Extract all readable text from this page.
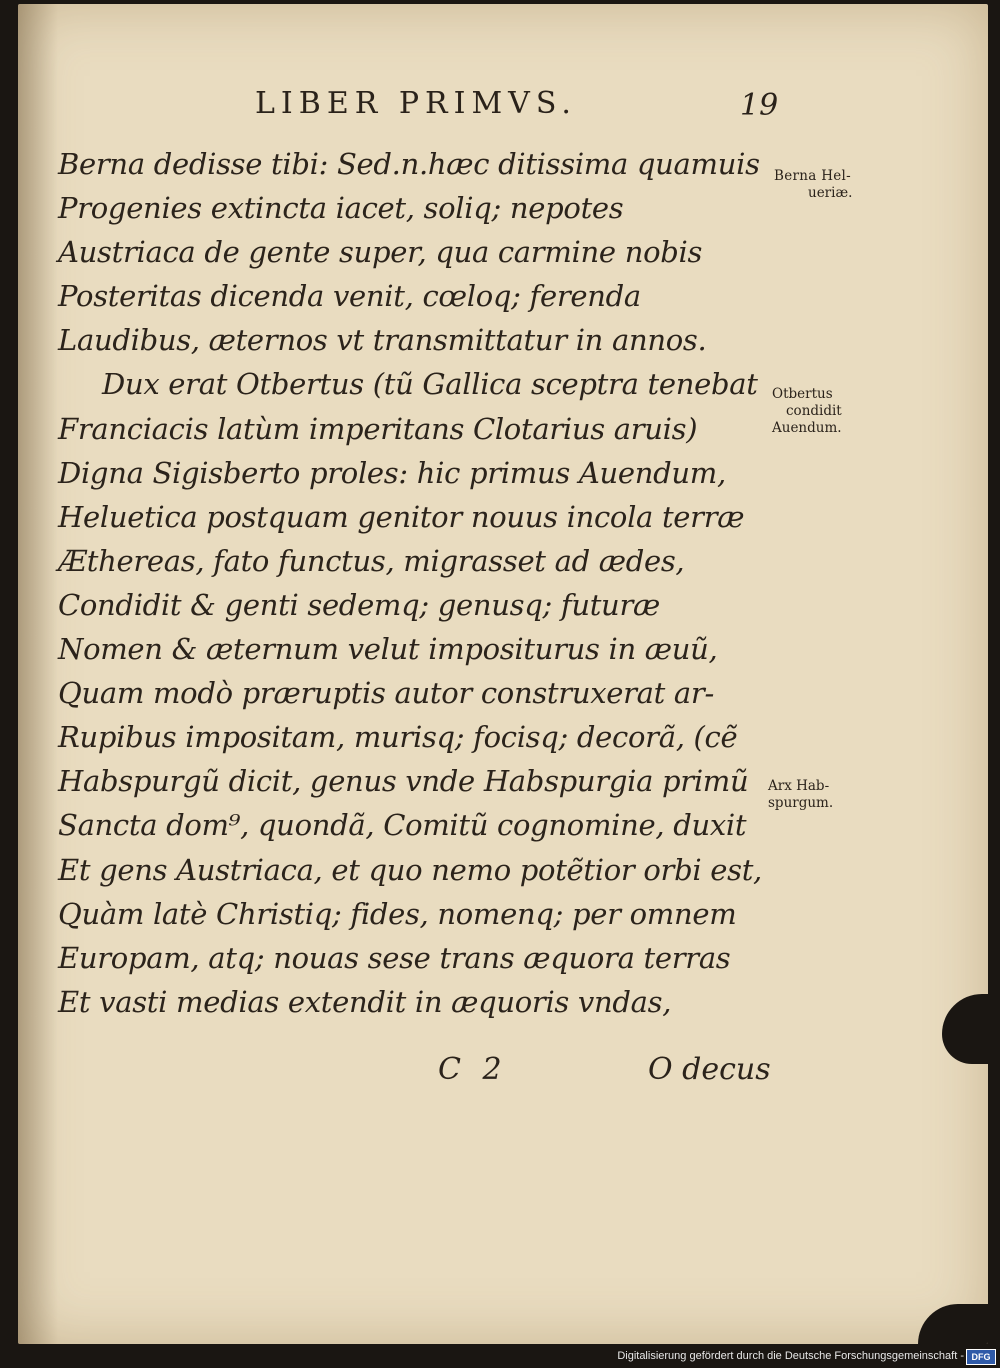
LIBER PRIMVS.	19
Berna dedisse tibi: Sed.n.hæc ditissima quamuis
Progenies extincta iacet, soliq; nepotes
Austriaca de gente super, qua carmine nobis
Posteritas dicenda venit, cœloq; ferenda
Laudibus, æternos vt transmittatur in annos.
Dux erat Otbertus (tũ Gallica sceptra tenebat
Franciacis latùm imperitans Clotarius aruis)
Digna Sigisberto proles: hic primus Auendum,
Heluetica postquam genitor nouus incola terræ
Æthereas, fato functus, migrasset ad ædes,
Condidit & genti sedemq; genusq; futuræ
Nomen & æternum velut impositurus in æuũ,
Quam modò præruptis autor construxerat ar-
Rupibus impositam, murisq; focisq; decorã, (cẽ
Habspurgũ dicit, genus vnde Habspurgia primũ
Sancta dom⁹, quondã, Comitũ cognomine, duxit
Et gens Austriaca, et quo nemo potẽtior orbi est,
Quàm latè Christiq; fides, nomenq; per omnem
Europam, atq; nouas sese trans æquora terras
Et vasti medias extendit in æquoris vndas,
Berna Hel-
ueriæ.
Otbertus
condidit
Auendum.
Arx Hab-
spurgum.
C 2	O decus
Digitalisierung gefördert durch die Deutsche Forschungsgemeinschaft - DFG
